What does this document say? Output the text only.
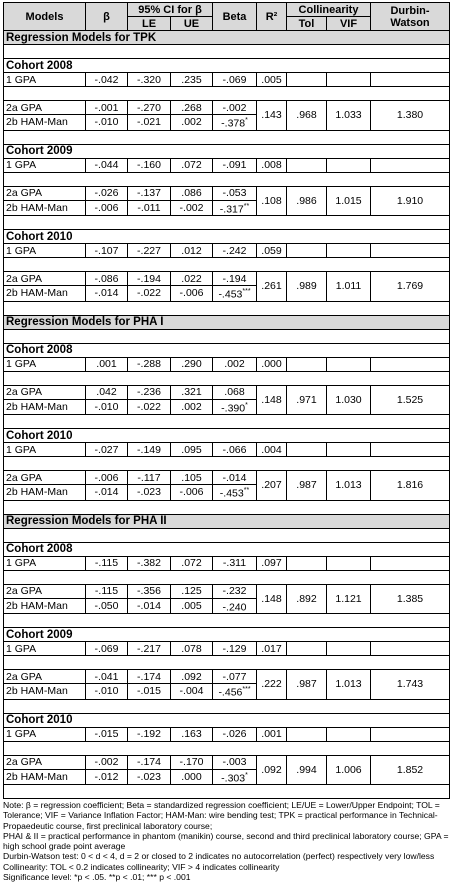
Models	β	95% CI for β		Beta	R²	Collinearity		Durbin-
Watson
		LE	UE			Tol	VIF	
Regression Models for TPK								

Cohort 2008								
1 GPA	-.042	-.320	.235	-.069	.005			

2a GPA	-.001	-.270	.268	-.002	.143	.968	1.033	1.380
2b HAM-Man	-.010	-.021	.002	-.378*

Cohort 2009								
1 GPA	-.044	-.160	.072	-.091	.008			

2a GPA	-.026	-.137	.086	-.053	.108	.986	1.015	1.910
2b HAM-Man	-.006	-.011	-.002	-.317**

Cohort 2010								
1 GPA	-.107	-.227	.012	-.242	.059			

2a GPA	-.086	-.194	.022	-.194	.261	.989	1.011	1.769
2b HAM-Man	-.014	-.022	-.006	-.453***

Regression Models for PHA I								

Cohort 2008								
1 GPA	.001	-.288	.290	.002	.000			

2a GPA	.042	-.236	.321	.068	.148	.971	1.030	1.525
2b HAM-Man	-.010	-.022	.002	-.390*

Cohort 2010								
1 GPA	-.027	-.149	.095	-.066	.004			

2a GPA	-.006	-.117	.105	-.014	.207	.987	1.013	1.816
2b HAM-Man	-.014	-.023	-.006	-.453**

Regression Models for PHA II								

Cohort 2008								
1 GPA	-.115	-.382	.072	-.311	.097			

2a GPA	-.115	-.356	.125	-.232	.148	.892	1.121	1.385
2b HAM-Man	-.050	-.014	.005	-.240				

Cohort 2009								
1 GPA	-.069	-.217	.078	-.129	.017			

2a GPA	-.041	-.174	.092	-.077	.222	.987	1.013	1.743
2b HAM-Man	-.010	-.015	-.004	-.456***

Cohort 2010								
1 GPA	-.015	-.192	.163	-.026	.001			

2a GPA	-.002	-.174	-.170	-.003	.092	.994	1.006	1.852
2b HAM-Man	-.012	-.023	.000	-.303*

Note: β = regression coefficient; Beta = standardized regression coefficient; LE/UE = Lower/Upper Endpoint; TOL = Tolerance; VIF = Variance Inflation Factor; HAM-Man: wire bending test; TPK = practical performance in Technical-Propaedeutic course, first preclinical laboratory course;
PHAI & II = practical performance in phantom (manikin) course, second and third preclinical laboratory course; GPA = high school grade point average
Durbin-Watson test: 0 < d < 4, d = 2 or closed to 2 indicates no autocorrelation (perfect) respectively very low/less
Collinearity: TOL < 0.2 indicates collinearity; VIF > 4 indicates collinearity
Significance level: *p < .05. **p < .01; *** p < .001
